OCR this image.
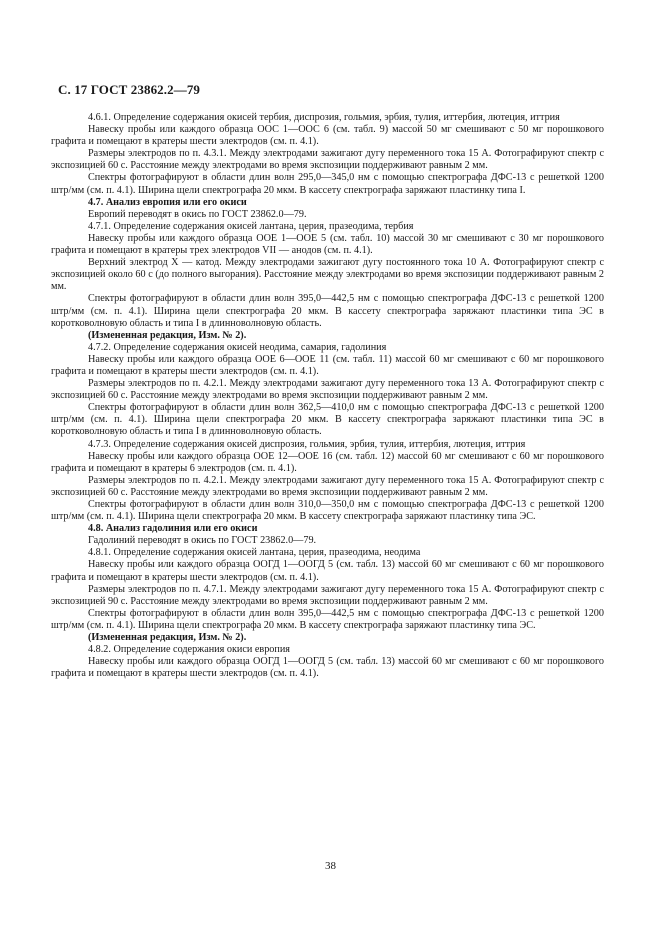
С. 17 ГОСТ 23862.2—79

4.6.1. Определение содержания окисей тербия, диспрозия, гольмия, эрбия, тулия, иттербия, лютеция, иттрия

Навеску пробы или каждого образца ООС 1—ООС 6 (см. табл. 9) массой 50 мг смешивают с 50 мг порошкового графита и помещают в кратеры шести электродов (см. п. 4.1).

Размеры электродов по п. 4.3.1. Между электродами зажигают дугу переменного тока 15 А. Фотографируют спектр с экспозицией 60 с. Расстояние между электродами во время экспозиции поддерживают равным 2 мм.

Спектры фотографируют в области длин волн 295,0—345,0 нм с помощью спектрографа ДФС-13 с решеткой 1200 штр/мм (см. п. 4.1). Ширина щели спектрографа 20 мкм. В кассету спектрографа заряжают пластинку типа I.

4.7. Анализ европия или его окиси

Европий переводят в окись по ГОСТ 23862.0—79.

4.7.1. Определение содержания окисей лантана, церия, празеодима, тербия

Навеску пробы или каждого образца ООЕ 1—ООЕ 5 (см. табл. 10) массой 30 мг смешивают с 30 мг порошкового графита и помещают в кратеры трех электродов VII — анодов (см. п. 4.1).

Верхний электрод X — катод. Между электродами зажигают дугу постоянного тока 10 А. Фотографируют спектр с экспозицией около 60 с (до полного выгорания). Расстояние между электродами во время экспозиции поддерживают равным 2 мм.

Спектры фотографируют в области длин волн 395,0—442,5 нм с помощью спектрографа ДФС-13 с решеткой 1200 штр/мм (см. п. 4.1). Ширина щели спектрографа 20 мкм. В кассету спектрографа заряжают пластинки типа ЭС в коротковолновую область и типа I в длинноволновую область.

(Измененная редакция, Изм. № 2).

4.7.2. Определение содержания окисей неодима, самария, гадолиния

Навеску пробы или каждого образца ООЕ 6—ООЕ 11 (см. табл. 11) массой 60 мг смешивают с 60 мг порошкового графита и помещают в кратеры шести электродов (см. п. 4.1).

Размеры электродов по п. 4.2.1. Между электродами зажигают дугу переменного тока 13 А. Фотографируют спектр с экспозицией 60 с. Расстояние между электродами во время экспозиции поддерживают равным 2 мм.

Спектры фотографируют в области длин волн 362,5—410,0 нм с помощью спектрографа ДФС-13 с решеткой 1200 штр/мм (см. п. 4.1). Ширина щели спектрографа 20 мкм. В кассету спектрографа заряжают пластинки типа ЭС в коротковолновую область и типа I в длинноволновую область.

4.7.3. Определение содержания окисей диспрозия, гольмия, эрбия, тулия, иттербия, лютеция, иттрия

Навеску пробы или каждого образца ООЕ 12—ООЕ 16 (см. табл. 12) массой 60 мг смешивают с 60 мг порошкового графита и помещают в кратеры 6 электродов (см. п. 4.1).

Размеры электродов по п. 4.2.1. Между электродами зажигают дугу переменного тока 15 А. Фотографируют спектр с экспозицией 60 с. Расстояние между электродами во время экспозиции поддерживают равным 2 мм.

Спектры фотографируют в области длин волн 310,0—350,0 нм с помощью спектрографа ДФС-13 с решеткой 1200 штр/мм (см. п. 4.1). Ширина щели спектрографа 20 мкм. В кассету спектрографа заряжают пластинку типа ЭС.

4.8. Анализ гадолиния или его окиси

Гадолиний переводят в окись по ГОСТ 23862.0—79.

4.8.1. Определение содержания окисей лантана, церия, празеодима, неодима

Навеску пробы или каждого образца ООГД 1—ООГД 5 (см. табл. 13) массой 60 мг смешивают с 60 мг порошкового графита и помещают в кратеры шести электродов (см. п. 4.1).

Размеры электродов по п. 4.7.1. Между электродами зажигают дугу переменного тока 15 А. Фотографируют спектр с экспозицией 90 с. Расстояние между электродами во время экспозиции поддерживают равным 2 мм.

Спектры фотографируют в области длин волн 395,0—442,5 нм с помощью спектрографа ДФС-13 с решеткой 1200 штр/мм (см. п. 4.1). Ширина щели спектрографа 20 мкм. В кассету спектрографа заряжают пластинку типа ЭС.

(Измененная редакция, Изм. № 2).

4.8.2. Определение содержания окиси европия

Навеску пробы или каждого образца ООГД 1—ООГД 5 (см. табл. 13) массой 60 мг смешивают с 60 мг порошкового графита и помещают в кратеры шести электродов (см. п. 4.1).

38
